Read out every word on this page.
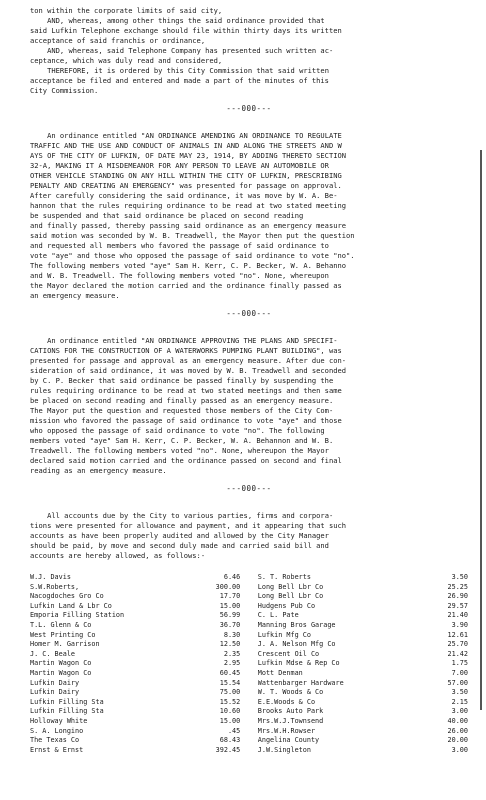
ton within the corporate limits of said city,

AND, whereas, among other things the said ordinance provided that

said Lufkin Telephone exchange should file within thirty days its written

acceptance of said franchis or ordinance,

AND, whereas, said Telephone Company has presented such written ac-

ceptance, which was duly read and considered,

THEREFORE, it is ordered by this City Commission that said written

acceptance be filed and entered and made a part of the minutes of this

City Commission.

---000---

An ordinance entitled "AN ORDINANCE AMENDING AN ORDINANCE TO REGULATE

TRAFFIC AND THE USE AND CONDUCT OF ANIMALS IN AND ALONG THE STREETS AND W

AYS OF THE CITY OF LUFKIN, OF DATE MAY 23, 1914, BY ADDING THERETO SECTION

32-A, MAKING IT A MISDEMEANOR FOR ANY PERSON TO LEAVE AN AUTOMOBILE OR

OTHER VEHICLE STANDING ON ANY HILL WITHIN THE CITY OF LUFKIN, PRESCRIBING

PENALTY AND CREATING AN EMERGENCY" was presented for passage on approval.

After carefully considering the said ordinance, it was move by W. A. Be-

hannon that the rules requiring ordinance to be read at two stated meeting

be suspended and that said ordinance be placed on second reading

and finally passed, thereby passing said ordinance as an emergency measure

said motion was seconded by W. B. Treadwell, the Mayor then put the question

and requested all members who favored the passage of said ordinance to

vote "aye" and those who opposed the passage of said ordinance to vote "no".

The following members voted "aye" Sam H. Kerr, C. P. Becker, W. A. Behanno

and W. B. Treadwell. The following members voted "no". None, whereupon

the Mayor declared the motion carried and the ordinance finally passed as

an emergency measure.

---000---

An ordinance entitled "AN ORDINANCE APPROVING THE PLANS AND SPECIFI-

CATIONS FOR THE CONSTRUCTION OF A WATERWORKS PUMPING PLANT BUILDING", was

presented for passage and approval as an emergency measure. After due con-

sideration of said ordinance, it was moved by W. B. Treadwell and seconded

by C. P. Becker that said ordinance be passed finally by suspending the

rules requiring ordinance to be read at two stated meetings and then same

be placed on second reading and finally passed as an emergency measure.

The Mayor put the question and requested those members of the City Com-

mission who favored the passage of said ordinance to vote "aye" and those

who opposed the passage of said ordinance to vote "no". The following

members voted "aye" Sam H. Kerr, C. P. Becker, W. A. Behannon and W. B.

Treadwell. The following members voted "no". None, whereupon the Mayor

declared said motion carried and the ordinance passed on second and final

reading as an emergency measure.

---000---

All accounts due by the City to various parties, firms and corpora-

tions were presented for allowance and payment, and it appearing that such

accounts as have been properly audited and allowed by the City Manager

should be paid, by move and second duly made and carried said bill and

accounts are hereby allowed, as follows:-

W.J. Davis	6.46
S.W.Roberts,	300.00
Nacogdoches Gro Co	17.70
Lufkin Land & Lbr Co	15.00
Emporia Filling Station	56.99
T.L. Glenn & Co	36.70
West Printing Co	8.30
Homer M. Garrison	12.50
J. C. Beale	2.35
Martin Wagon Co	2.95
Martin Wagon Co	60.45
Lufkin Dairy	15.54
Lufkin Dairy	75.00
Lufkin Filling Sta	15.52
Lufkin Filling Sta	10.60
Holloway White	15.00
S. A. Longino	.45
The Texas Co	68.43
Ernst & Ernst	392.45
S. T. Roberts	3.50
Long Bell Lbr Co	25.25
Long Bell Lbr Co	26.90
Hudgens Pub Co	29.57
C. L. Pate	21.40
Manning Bros Garage	3.90
Lufkin Mfg Co	12.61
J. A. Nelson Mfg Co	25.70
Crescent Oil Co	21.42
Lufkin Mdse & Rep Co	1.75
Mott Denman	7.00
Wattenbarger Hardware	57.00
W. T. Woods & Co	3.50
E.E.Woods & Co	2.15
Brooks Auto Park	3.00
Mrs.W.J.Townsend	40.00
Mrs.W.H.Rowser	26.00
Angelina County	20.00
J.W.Singleton	3.00
